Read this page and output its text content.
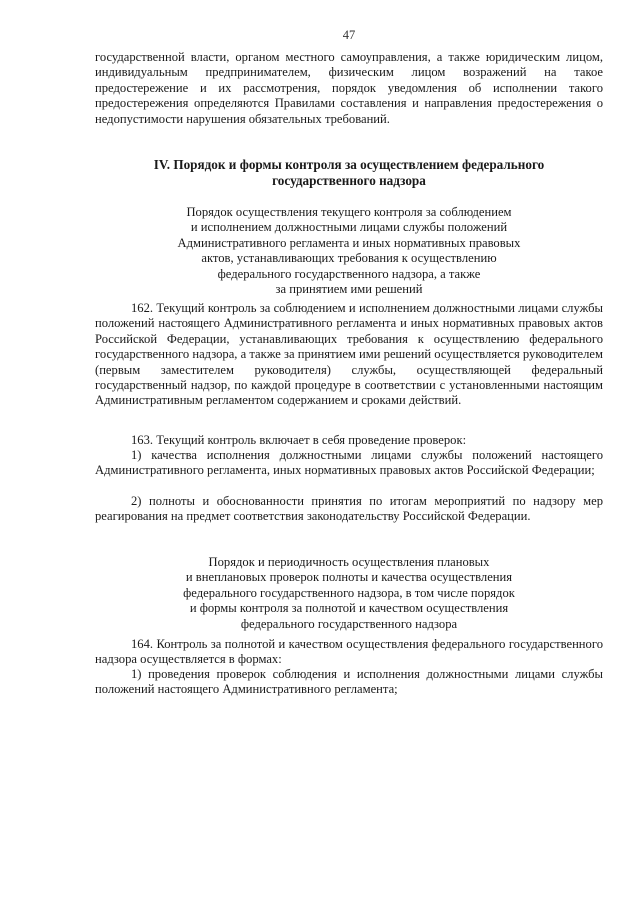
47

государственной власти, органом местного самоуправления, а также юридическим лицом, индивидуальным предпринимателем, физическим лицом возражений на такое предостережение и их рассмотрения, порядок уведомления об исполнении такого предостережения определяются Правилами составления и направления предостережения о недопустимости нарушения обязательных требований.

IV. Порядок и формы контроля за осуществлением федерального
государственного надзора
Порядок осуществления текущего контроля за соблюдением
и исполнением должностными лицами службы положений
Административного регламента и иных нормативных правовых
актов, устанавливающих требования к осуществлению
федерального государственного надзора, а также
за принятием ими решений

162. Текущий контроль за соблюдением и исполнением должностными лицами службы положений настоящего Административного регламента и иных нормативных правовых актов Российской Федерации, устанавливающих требования к осуществлению федерального государственного надзора, а также за принятием ими решений осуществляется руководителем (первым заместителем руководителя) службы, осуществляющей федеральный государственный надзор, по каждой процедуре в соответствии с установленными настоящим Административным регламентом содержанием и сроками действий.

163. Текущий контроль включает в себя проведение проверок:

1) качества исполнения должностными лицами службы положений настоящего Административного регламента, иных нормативных правовых актов Российской Федерации;

2) полноты и обоснованности принятия по итогам мероприятий по надзору мер реагирования на предмет соответствия законодательству Российской Федерации.

Порядок и периодичность осуществления плановых
и внеплановых проверок полноты и качества осуществления
федерального государственного надзора, в том числе порядок
и формы контроля за полнотой и качеством осуществления
федерального государственного надзора

164. Контроль за полнотой и качеством осуществления федерального государственного надзора осуществляется в формах:

1) проведения проверок соблюдения и исполнения должностными лицами службы положений настоящего Административного регламента;
